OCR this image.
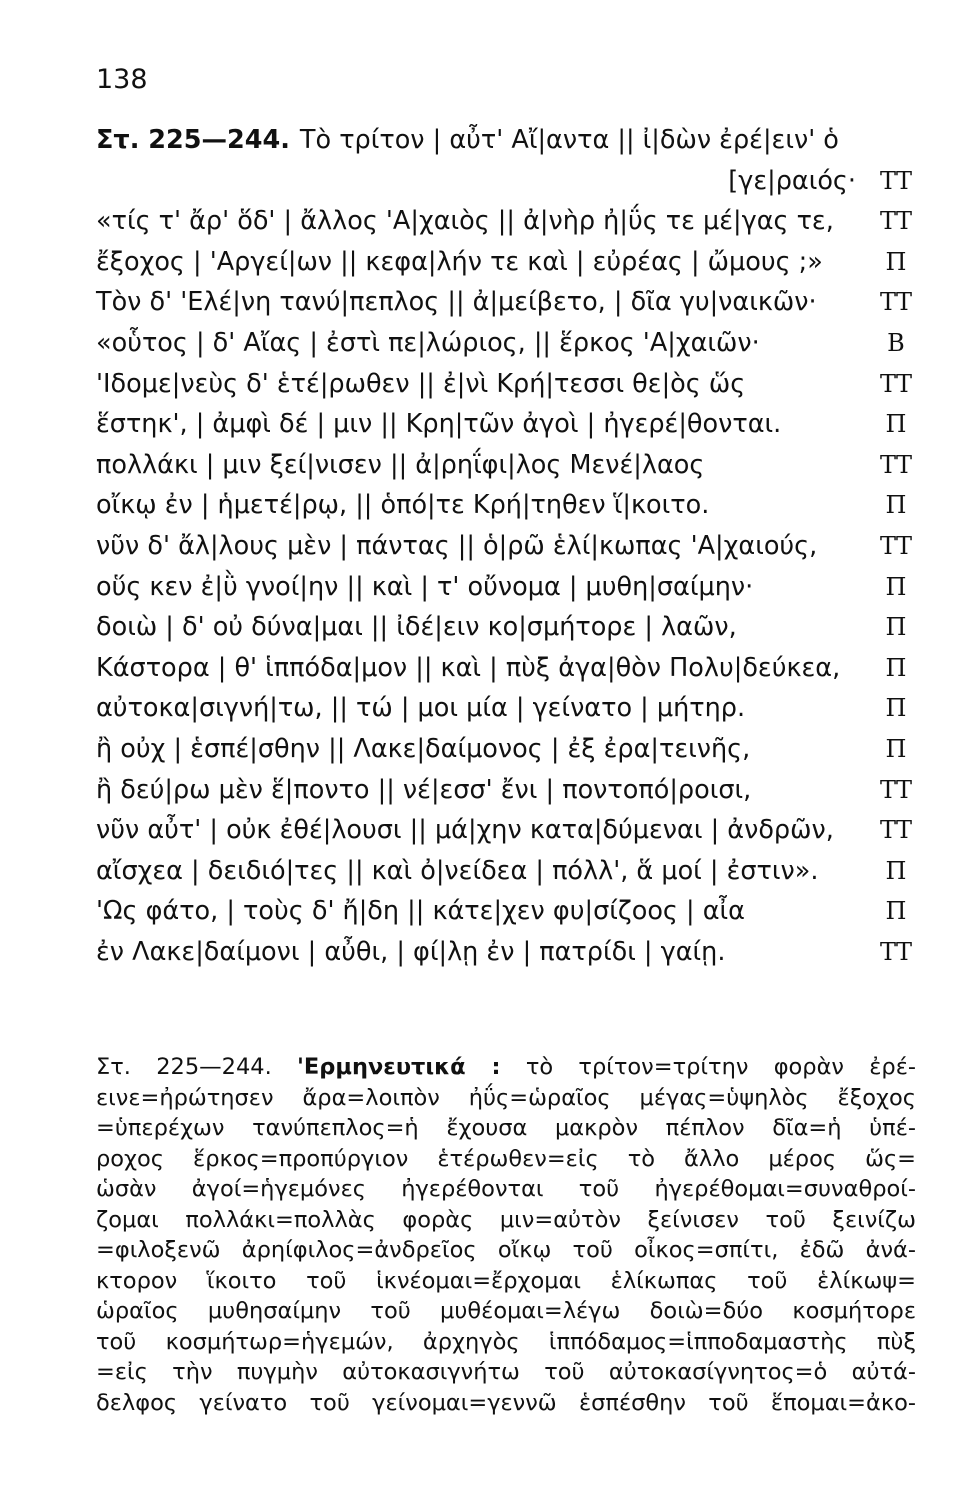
138
Στ. 225—244. Τὸ τρίτον | αὖτ' Αἴ|αντα || ἰ|δὼν ἐρέ|ειν' ὁ
[γε|ραιός· ΤΤ
«τίς τ' ἄρ' ὅδ' | ἄλλος 'Α|χαιὸς || ἀ|νὴρ ἠ|ΰς τε μέ|γας τε, ΤΤ
ἔξοχος | 'Αργεί|ων || κεφα|λήν τε καὶ | εὐρέας | ὤμους ;»	Π
Τὸν δ' 'Ελέ|νη τανύ|πεπλος || ἀ|μείβετο, | δῖα γυ|ναικῶν·	ΤΤ
«οὗτος | δ' Αἴας | ἐστὶ πε|λώριος, || ἕρκος 'Α|χαιῶν·	Β
'Ιδομε|νεὺς δ' ἑτέ|ρωθεν || ἐ|νὶ Κρή|τεσσι θε|ὸς ὥς	ΤΤ
ἕστηκ', | ἀμφὶ δέ | μιν || Κρη|τῶν ἀγοὶ | ἠγερέ|θονται.	Π
πολλάκι | μιν ξεί|νισεν || ἀ|ρηΐφι|λος Μενέ|λαος	ΤΤ
οἴκῳ ἐν | ἡμετέ|ρῳ, || ὁπό|τε Κρή|τηθεν ἵ|κοιτο.	Π
νῦν δ' ἄλ|λους μὲν | πάντας || ὁ|ρῶ ἑλί|κωπας 'Α|χαιούς,	ΤΤ
οὕς κεν ἐ|ῢ γνοί|ην || καὶ | τ' οὔνομα | μυθη|σαίμην·	Π
δοιὼ | δ' οὐ δύνα|μαι || ἰδέ|ειν κο|σμήτορε | λαῶν,	Π
Κάστορα | θ' ἱππόδα|μον || καὶ | πὺξ ἀγα|θὸν Πολυ|δεύκεα,	Π
αὐτοκα|σιγνή|τω, || τώ | μοι μία | γείνατο | μήτηρ.	Π
ἢ οὐχ | ἑσπέ|σθην || Λακε|δαίμονος | ἐξ ἐρα|τεινῆς,	Π
ἢ δεύ|ρω μὲν ἕ|ποντο || νέ|εσσ' ἔνι | ποντοπό|ροισι,	ΤΤ
νῦν αὖτ' | οὐκ ἐθέ|λουσι || μά|χην κατα|δύμεναι | ἀνδρῶν, ΤΤ
αἴσχεα | δειδιό|τες || καὶ ὀ|νείδεα | πόλλ', ἅ μοί | ἐστιν».	Π
'Ως φάτο, | τοὺς δ' ἤ|δη || κάτε|χεν φυ|σίζοος | αἶα	Π
ἐν Λακε|δαίμονι | αὖθι, | φί|λῃ ἐν | πατρίδι | γαίῃ.	ΤΤ
Στ. 225—244. 'Ερμηνευτικά : τὸ τρίτον=τρίτην φορὰν ἐρέ-
εινε=ἠρώτησεν ἄρα=λοιπὸν ἠΰς=ὡραῖος μέγας=ὑψηλὸς ἔξοχος
=ὑπερέχων τανύπεπλος=ἡ ἔχουσα μακρὸν πέπλον δῖα=ἡ ὑπέ-
ροχος ἕρκος=προπύργιον ἑτέρωθεν=εἰς τὸ ἄλλο μέρος ὥς=
ὡσὰν ἀγοί=ἡγεμόνες ἠγερέθονται τοῦ ἠγερέθομαι=συναθροί-
ζομαι πολλάκι=πολλὰς φορὰς μιν=αὐτὸν ξείνισεν τοῦ ξεινίζω
=φιλοξενῶ ἀρηίφιλος=ἀνδρεῖος οἴκῳ τοῦ οἶκος=σπίτι, ἐδῶ ἀνά-
κτορον ἵκοιτο τοῦ ἱκνέομαι=ἔρχομαι ἑλίκωπας τοῦ ἑλίκωψ=
ὡραῖος μυθησαίμην τοῦ μυθέομαι=λέγω δοιὼ=δύο κοσμήτορε
τοῦ κοσμήτωρ=ἡγεμών, ἀρχηγὸς ἱππόδαμος=ἱπποδαμαστὴς πὺξ
=εἰς τὴν πυγμὴν αὐτοκασιγνήτω τοῦ αὐτοκασίγνητος=ὁ αὐτά-
δελφος γείνατο τοῦ γείνομαι=γεννῶ ἑσπέσθην τοῦ ἕπομαι=ἀκο-
